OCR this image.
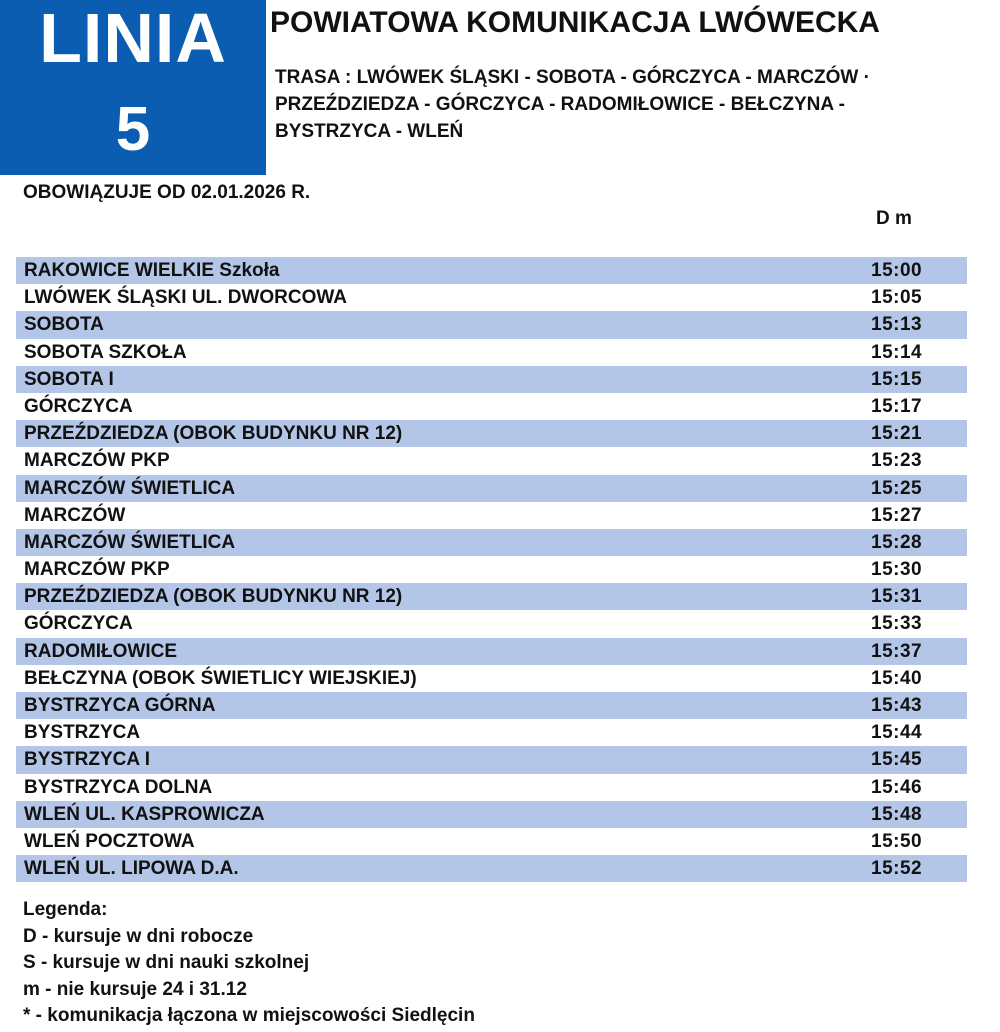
LINIA
5
POWIATOWA KOMUNIKACJA LWÓWECKA
TRASA : LWÓWEK ŚLĄSKI - SOBOTA - GÓRCZYCA - MARCZÓW ·
PRZEŹDZIEDZA - GÓRCZYCA - RADOMIŁOWICE - BEŁCZYNA -
BYSTRZYCA - WLEŃ
OBOWIĄZUJE OD 02.01.2026 R.
D m
RAKOWICE WIELKIE Szkoła	15:00
LWÓWEK ŚLĄSKI UL. DWORCOWA	15:05
SOBOTA	15:13
SOBOTA SZKOŁA	15:14
SOBOTA I	15:15
GÓRCZYCA	15:17
PRZEŹDZIEDZA (OBOK BUDYNKU NR 12)	15:21
MARCZÓW PKP	15:23
MARCZÓW ŚWIETLICA	15:25
MARCZÓW	15:27
MARCZÓW ŚWIETLICA	15:28
MARCZÓW PKP	15:30
PRZEŹDZIEDZA (OBOK BUDYNKU NR 12)	15:31
GÓRCZYCA	15:33
RADOMIŁOWICE	15:37
BEŁCZYNA (OBOK ŚWIETLICY WIEJSKIEJ)	15:40
BYSTRZYCA GÓRNA	15:43
BYSTRZYCA	15:44
BYSTRZYCA I	15:45
BYSTRZYCA DOLNA	15:46
WLEŃ UL. KASPROWICZA	15:48
WLEŃ POCZTOWA	15:50
WLEŃ UL. LIPOWA D.A.	15:52
Legenda:
D - kursuje w dni robocze
S - kursuje w dni nauki szkolnej
m - nie kursuje 24 i 31.12
* - komunikacja łączona w miejscowości Siedlęcin
